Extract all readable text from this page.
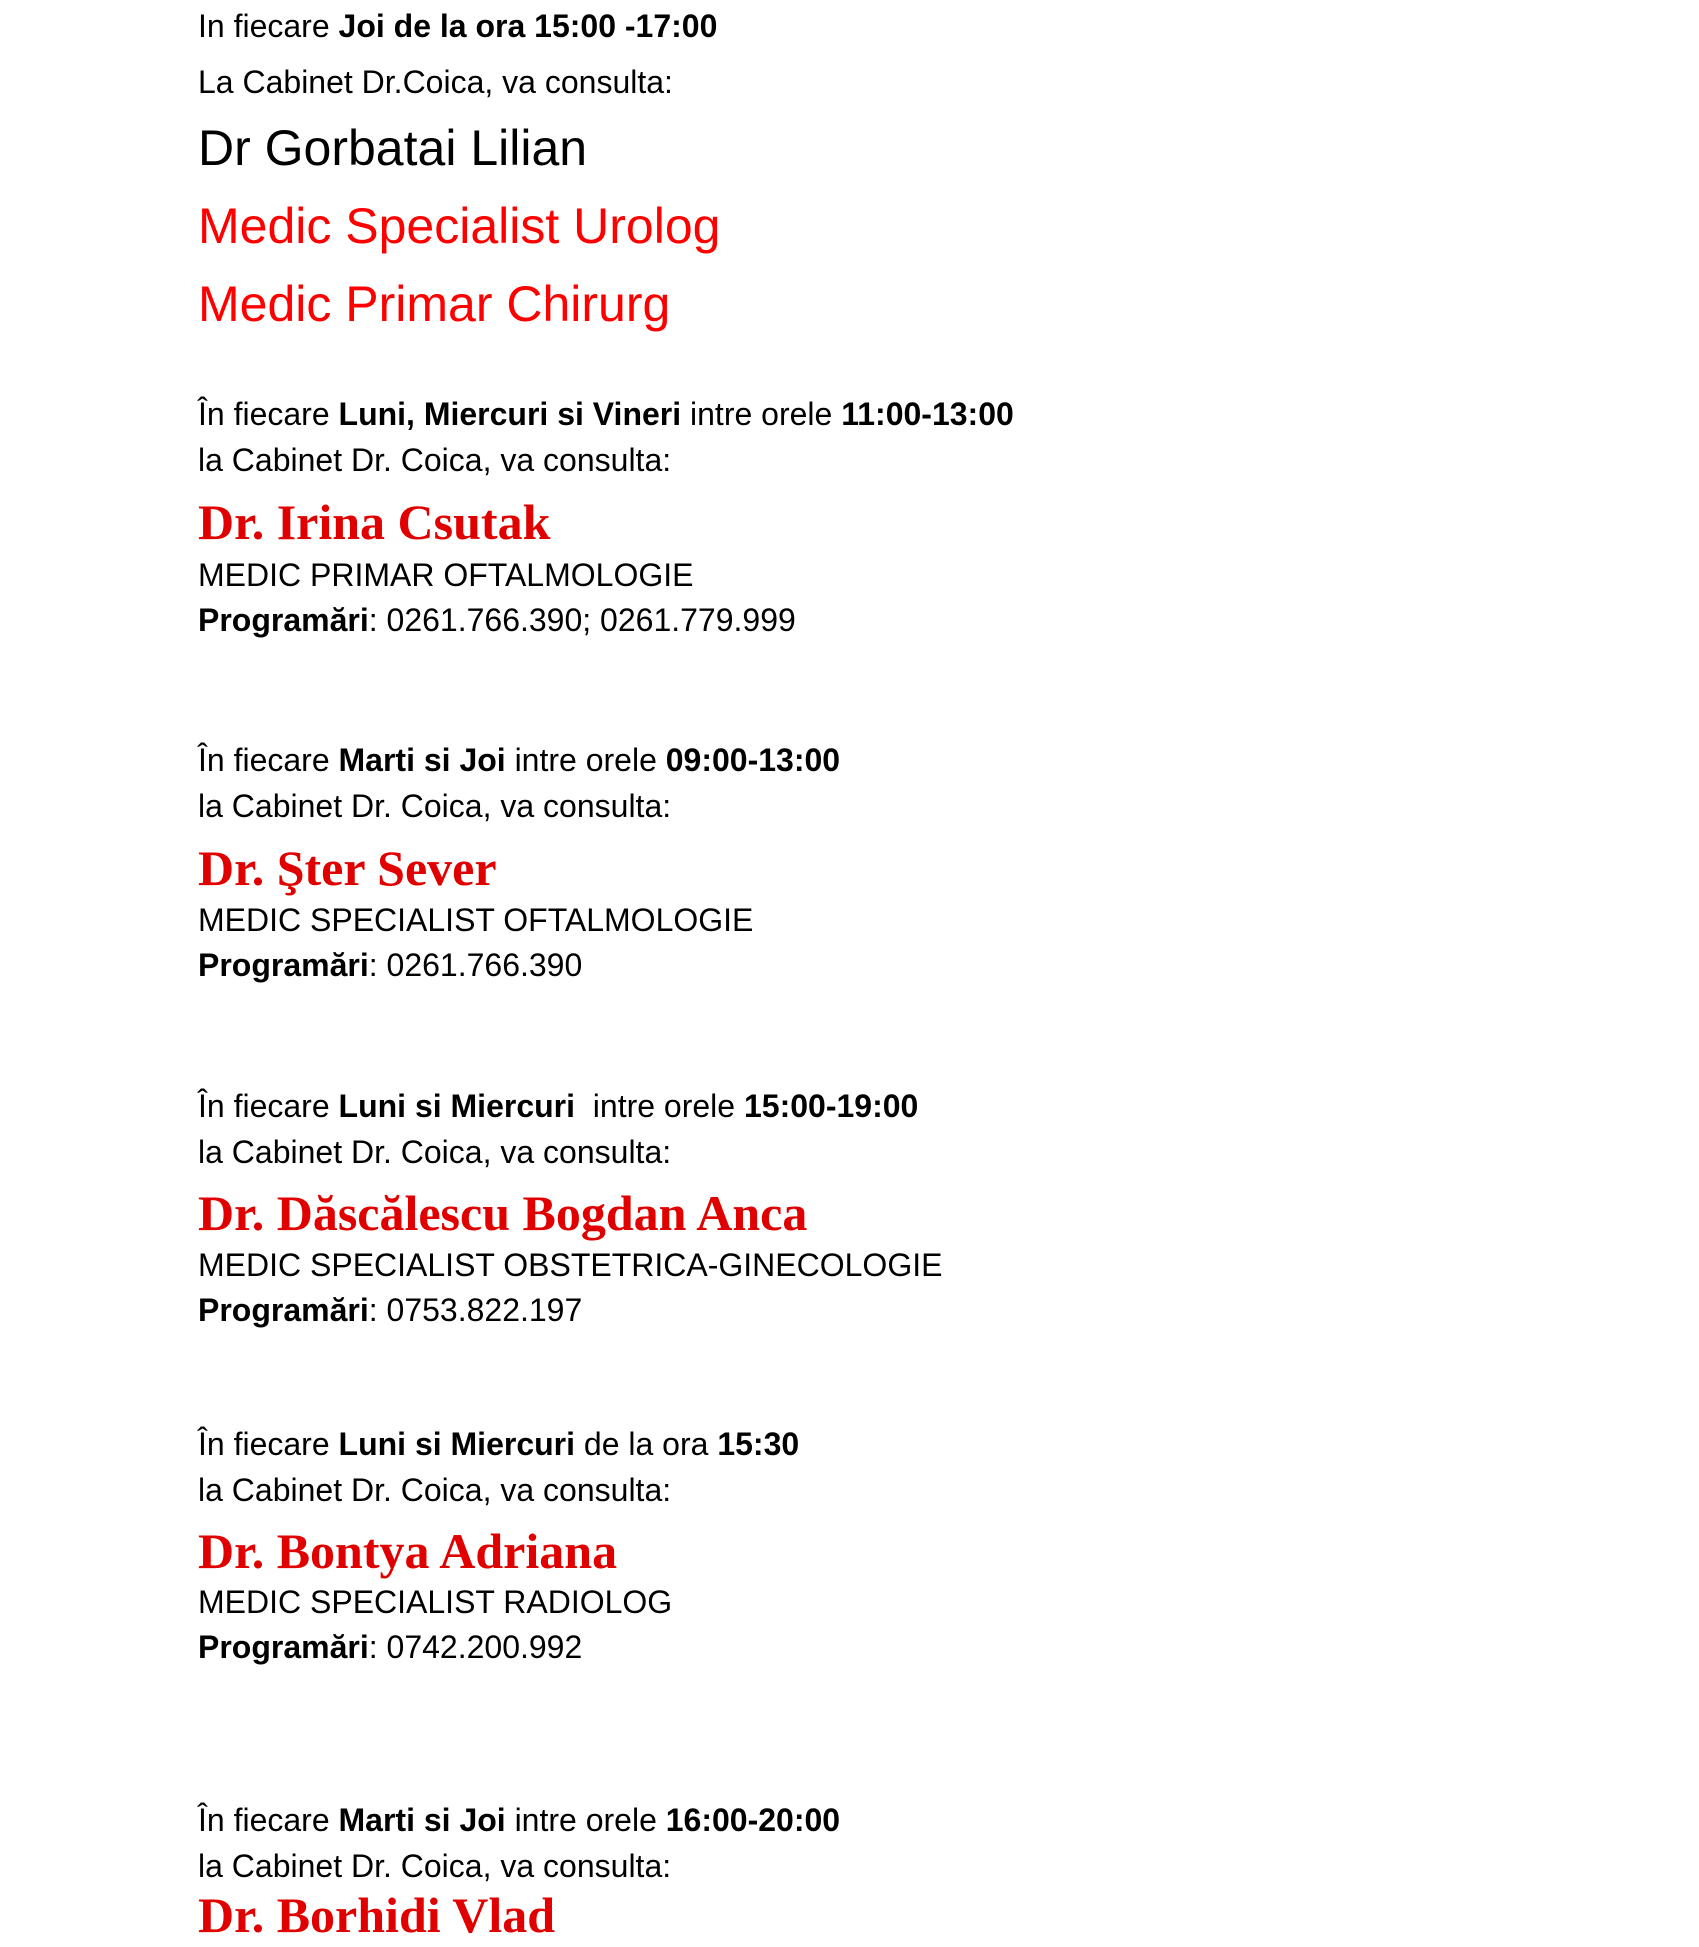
In fiecare Joi de la ora 15:00 -17:00

La Cabinet Dr.Coica, va consulta:

Dr Gorbatai Lilian

Medic Specialist Urolog

Medic Primar Chirurg

În fiecare Luni, Miercuri si Vineri intre orele 11:00-13:00

la Cabinet Dr. Coica, va consulta:

Dr. Irina Csutak

MEDIC PRIMAR OFTALMOLOGIE

Programări: 0261.766.390; 0261.779.999

În fiecare Marti si Joi intre orele 09:00-13:00

la Cabinet Dr. Coica, va consulta:

Dr. Şter Sever

MEDIC SPECIALIST OFTALMOLOGIE

Programări: 0261.766.390

În fiecare Luni si Miercuri  intre orele 15:00-19:00

la Cabinet Dr. Coica, va consulta:

Dr. Dăscălescu Bogdan Anca

MEDIC SPECIALIST OBSTETRICA-GINECOLOGIE

Programări: 0753.822.197

În fiecare Luni si Miercuri de la ora 15:30

la Cabinet Dr. Coica, va consulta:

Dr. Bontya Adriana

MEDIC SPECIALIST RADIOLOG

Programări: 0742.200.992

În fiecare Marti si Joi intre orele 16:00-20:00

la Cabinet Dr. Coica, va consulta:

Dr. Borhidi Vlad
